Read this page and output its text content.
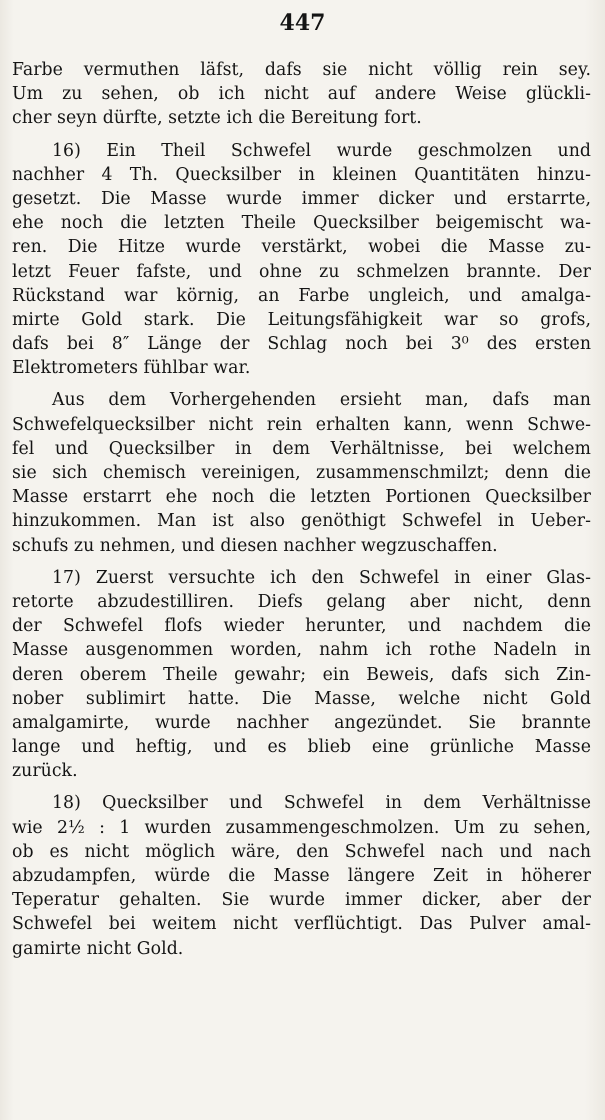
447
Farbe vermuthen läfst, dafs sie nicht völlig rein sey.
Um zu sehen, ob ich nicht auf andere Weise glückli-
cher seyn dürfte, setzte ich die Bereitung fort.
16) Ein Theil Schwefel wurde geschmolzen und
nachher 4 Th. Quecksilber in kleinen Quantitäten hinzu-
gesetzt. Die Masse wurde immer dicker und erstarrte,
ehe noch die letzten Theile Quecksilber beigemischt wa-
ren. Die Hitze wurde verstärkt, wobei die Masse zu-
letzt Feuer fafste, und ohne zu schmelzen brannte. Der
Rückstand war körnig, an Farbe ungleich, und amalga-
mirte Gold stark. Die Leitungsfähigkeit war so grofs,
dafs bei 8″ Länge der Schlag noch bei 3⁰ des ersten
Elektrometers fühlbar war.
Aus dem Vorhergehenden ersieht man, dafs man
Schwefelquecksilber nicht rein erhalten kann, wenn Schwe-
fel und Quecksilber in dem Verhältnisse, bei welchem
sie sich chemisch vereinigen, zusammenschmilzt; denn die
Masse erstarrt ehe noch die letzten Portionen Quecksilber
hinzukommen. Man ist also genöthigt Schwefel in Ueber-
schufs zu nehmen, und diesen nachher wegzuschaffen.
17) Zuerst versuchte ich den Schwefel in einer Glas-
retorte abzudestilliren. Diefs gelang aber nicht, denn
der Schwefel flofs wieder herunter, und nachdem die
Masse ausgenommen worden, nahm ich rothe Nadeln in
deren oberem Theile gewahr; ein Beweis, dafs sich Zin-
nober sublimirt hatte. Die Masse, welche nicht Gold
amalgamirte, wurde nachher angezündet. Sie brannte
lange und heftig, und es blieb eine grünliche Masse
zurück.
18) Quecksilber und Schwefel in dem Verhältnisse
wie 2½ : 1 wurden zusammengeschmolzen. Um zu sehen,
ob es nicht möglich wäre, den Schwefel nach und nach
abzudampfen, würde die Masse längere Zeit in höherer
Teperatur gehalten. Sie wurde immer dicker, aber der
Schwefel bei weitem nicht verflüchtigt. Das Pulver amal-
gamirte nicht Gold.
